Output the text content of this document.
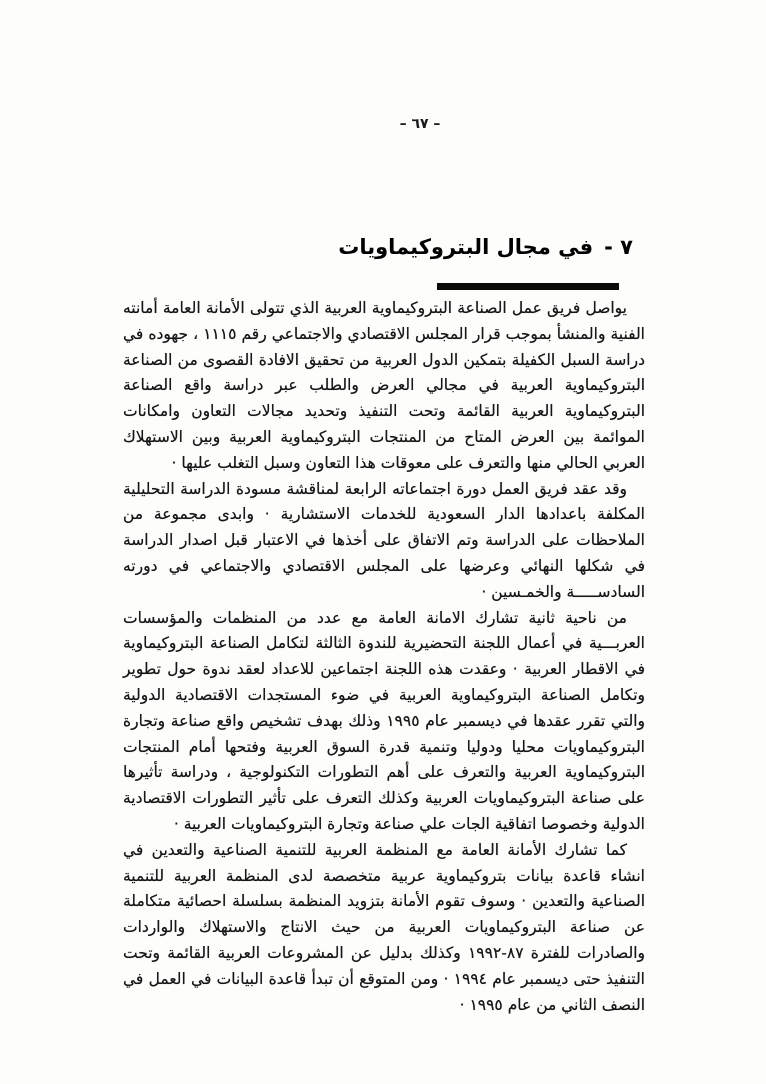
– ٦٧ –
٧ -
في مجال البتروكيماويات

يواصل فريق عمل الصناعة البتروكيماوية العربية الذي تتولى الأمانة العامة أمانته الفنية والمنشأ بموجب قرار المجلس الاقتصادي والاجتماعي رقم ١١١٥ ، جهوده في دراسة السبل الكفيلة بتمكين الدول العربية من تحقيق الافادة القصوى من الصناعة البتروكيماوية العربية في مجالي العرض والطلب عبر دراسة واقع الصناعة البتروكيماوية العربية القائمة وتحت التنفيذ وتحديد مجالات التعاون وامكانات الموائمة بين العرض المتاح من المنتجات البتروكيماوية العربية وبين الاستهلاك العربي الحالي منها والتعرف على معوقات هذا التعاون وسبل التغلب عليها ·

وقد عقد فريق العمل دورة اجتماعاته الرابعة لمناقشة مسودة الدراسة التحليلية المكلفة باعدادها الدار السعودية للخدمات الاستشارية · وابدى مجموعة من الملاحظات على الدراسة وتم الاتفاق على أخذها في الاعتبار قبل اصدار الدراسة في شكلها النهائي وعرضها على المجلس الاقتصادي والاجتماعي في دورته السادســـــة والخمـسين ·

من ناحية ثانية تشارك الامانة العامة مع عدد من المنظمات والمؤسسات العربـــية في أعمال اللجنة التحضيرية للندوة الثالثة لتكامل الصناعة البتروكيماوية في الاقطار العربية · وعقدت هذه اللجنة اجتماعين للاعداد لعقد ندوة حول تطوير وتكامل الصناعة البتروكيماوية العربية في ضوء المستجدات الاقتصادية الدولية والتي تقرر عقدها في ديسمبر عام ١٩٩٥ وذلك بهدف تشخيص واقع صناعة وتجارة البتروكيماويات محليا ودوليا وتنمية قدرة السوق العربية وفتحها أمام المنتجات البتروكيماوية العربية والتعرف على أهم التطورات التكنولوجية ، ودراسة تأثيرها على صناعة البتروكيماويات العربية وكذلك التعرف على تأثير التطورات الاقتصادية الدولية وخصوصا اتفاقية الجات علي صناعة وتجارة البتروكيماويات العربية ·

كما تشارك الأمانة العامة مع المنظمة العربية للتنمية الصناعية والتعدين في انشاء قاعدة بيانات بتروكيماوية عربية متخصصة لدى المنظمة العربية للتنمية الصناعية والتعدين · وسوف تقوم الأمانة بتزويد المنظمة بسلسلة احصائية متكاملة عن صناعة البتروكيماويات العربية من حيث الانتاج والاستهلاك والواردات والصادرات للفترة ٨٧-١٩٩٢ وكذلك بدليل عن المشروعات العربية القائمة وتحت التنفيذ حتى ديسمبر عام ١٩٩٤ · ومن المتوقع أن تبدأ قاعدة البيانات في العمل في النصف الثاني من عام ١٩٩٥ ·
